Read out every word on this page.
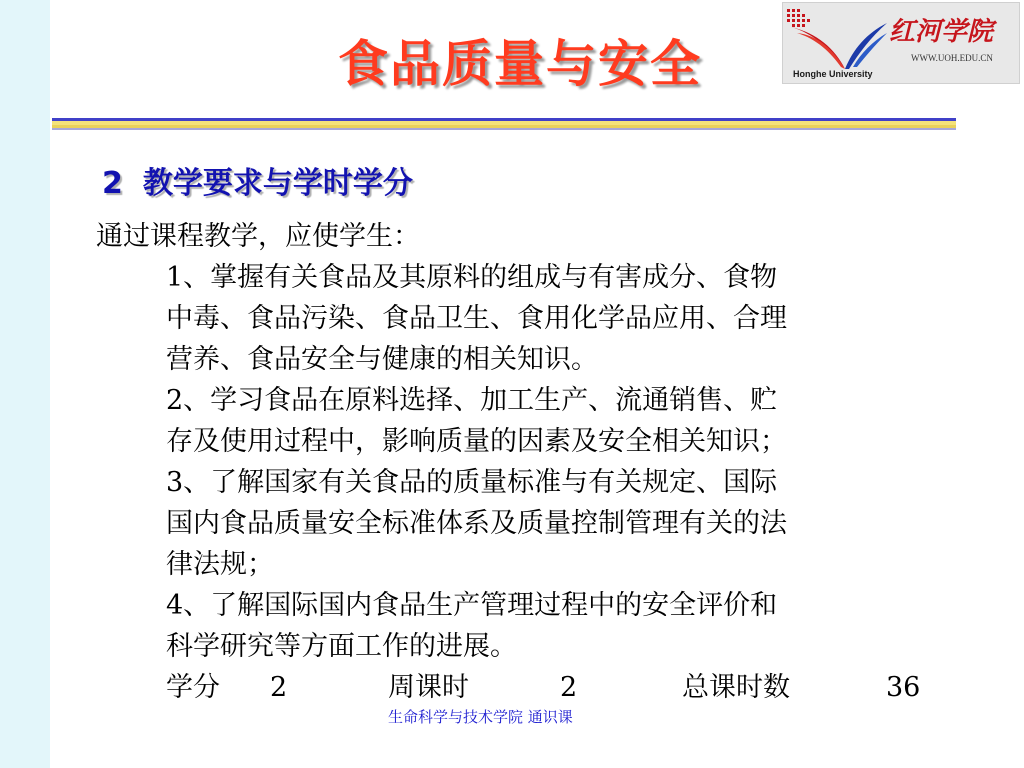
食品质量与安全
红河学院
WWW.UOH.EDU.CN
Honghe University
2 教学要求与学时学分
通过课程教学，应使学生：
1、掌握有关食品及其原料的组成与有害成分、食物
中毒、食品污染、食品卫生、食用化学品应用、合理
营养、食品安全与健康的相关知识。
2、学习食品在原料选择、加工生产、流通销售、贮
存及使用过程中，影响质量的因素及安全相关知识；
3、了解国家有关食品的质量标准与有关规定、国际
国内食品质量安全标准体系及质量控制管理有关的法
律法规；
4、了解国际国内食品生产管理过程中的安全评价和
科学研究等方面工作的进展。
学分 2	周课时	2	总课时数	36
生命科学与技术学院 通识课
